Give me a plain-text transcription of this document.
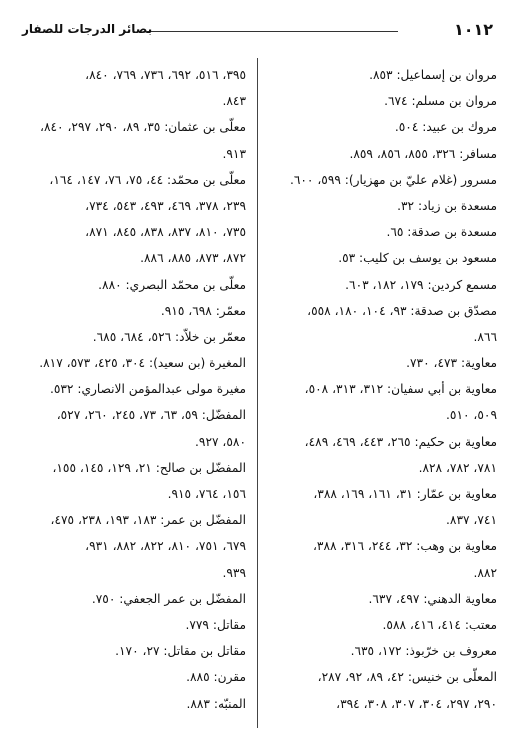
١٠١٢
بصائر الدرجات للصفار
مروان بن إسماعيل: ٨٥٣.
مروان بن مسلم: ٦٧٤.
مروك بن عبيد: ٥٠٤.
مسافر: ٣٢٦، ٨٥٥، ٨٥٦، ٨٥٩.
مسرور (غلام عليّ بن مهزيار): ٥٩٩، ٦٠٠.
مسعدة بن زياد: ٣٢.
مسعدة بن صدقة: ٦٥.
مسعود بن يوسف بن كليب: ٥٣.
مسمع كردين: ١٧٩، ١٨٢، ٦٠٣.
مصدّق بن صدقة: ٩٣، ١٠٤، ١٨٠، ٥٥٨،
٨٦٦.
معاوية: ٤٧٣، ٧٣٠.
معاوية بن أبي سفيان: ٣١٢، ٣١٣، ٥٠٨،
٥٠٩، ٥١٠.
معاوية بن حكيم: ٢٦٥، ٤٤٣، ٤٦٩، ٤٨٩،
٧٨١، ٧٨٢، ٨٢٨.
معاوية بن عمّار: ٣١، ١٦١، ١٦٩، ٣٨٨،
٧٤١، ٨٣٧.
معاوية بن وهب: ٣٢، ٢٤٤، ٣١٦، ٣٨٨،
٨٨٢.
معاوية الدهني: ٤٩٧، ٦٣٧.
معتب: ٤١٤، ٤١٦، ٥٨٨.
معروف بن خرّبوذ: ١٧٢، ٦٣٥.
المعلّى بن خنيس: ٤٢، ٨٩، ٩٢، ٢٨٧،
٢٩٠، ٢٩٧، ٣٠٤، ٣٠٧، ٣٠٨، ٣٩٤،
٣٩٥، ٥١٦، ٦٩٢، ٧٣٦، ٧٦٩، ٨٤٠،
٨٤٣.
معلّى بن عثمان: ٣٥، ٨٩، ٢٩٠، ٢٩٧، ٨٤٠،
٩١٣.
معلّى بن محمّد: ٤٤، ٧٥، ٧٦، ١٤٧، ١٦٤،
٢٣٩، ٣٧٨، ٤٦٩، ٤٩٣، ٥٤٣، ٧٣٤،
٧٣٥، ٨١٠، ٨٣٧، ٨٣٨، ٨٤٥، ٨٧١،
٨٧٢، ٨٧٣، ٨٨٥، ٨٨٦.
معلّى بن محمّد البصري: ٨٨٠.
معمّر: ٦٩٨، ٩١٥.
معمّر بن خلاّد: ٥٢٦، ٦٨٤، ٦٨٥.
المغيرة (بن سعيد): ٣٠٤، ٤٢٥، ٥٧٣، ٨١٧.
مغيرة مولى عبدالمؤمن الانصاري: ٥٣٢.
المفضّل: ٥٩، ٦٣، ٧٣، ٢٤٥، ٢٦٠، ٥٢٧،
٥٨٠، ٩٢٧.
المفضّل بن صالح: ٢١، ١٢٩، ١٤٥، ١٥٥،
١٥٦، ٧٦٤، ٩١٥.
المفضّل بن عمر: ١٨٣، ١٩٣، ٢٣٨، ٤٧٥،
٦٧٩، ٧٥١، ٨١٠، ٨٢٢، ٨٨٢، ٩٣١،
٩٣٩.
المفضّل بن عمر الجعفي: ٧٥٠.
مقاتل: ٧٧٩.
مقاتل بن مقاتل: ٢٧، ١٧٠.
مقرن: ٨٨٥.
المنبّه: ٨٨٣.
